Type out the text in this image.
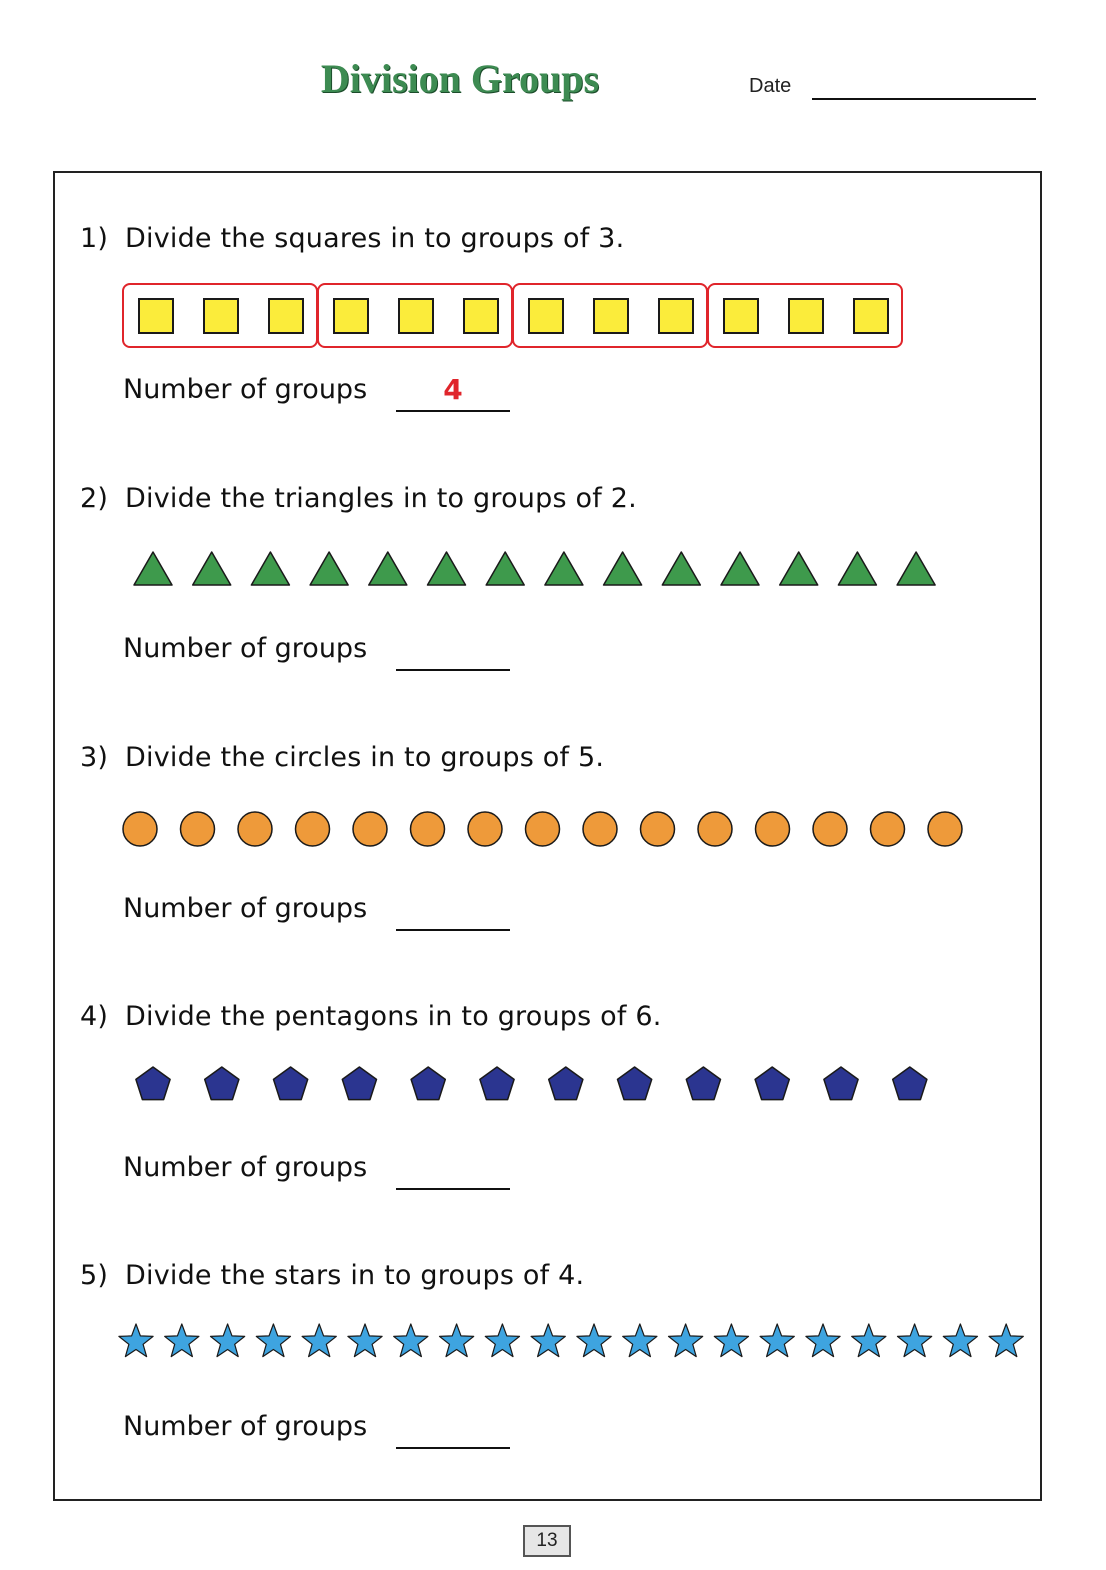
Division Groups	Date
1) Divide the squares in to groups of 3.
Number of groups	4
2) Divide the triangles in to groups of 2.
Number of groups
3) Divide the circles in to groups of 5.
Number of groups
4) Divide the pentagons in to groups of 6.
Number of groups
5) Divide the stars in to groups of 4.
Number of groups
13
